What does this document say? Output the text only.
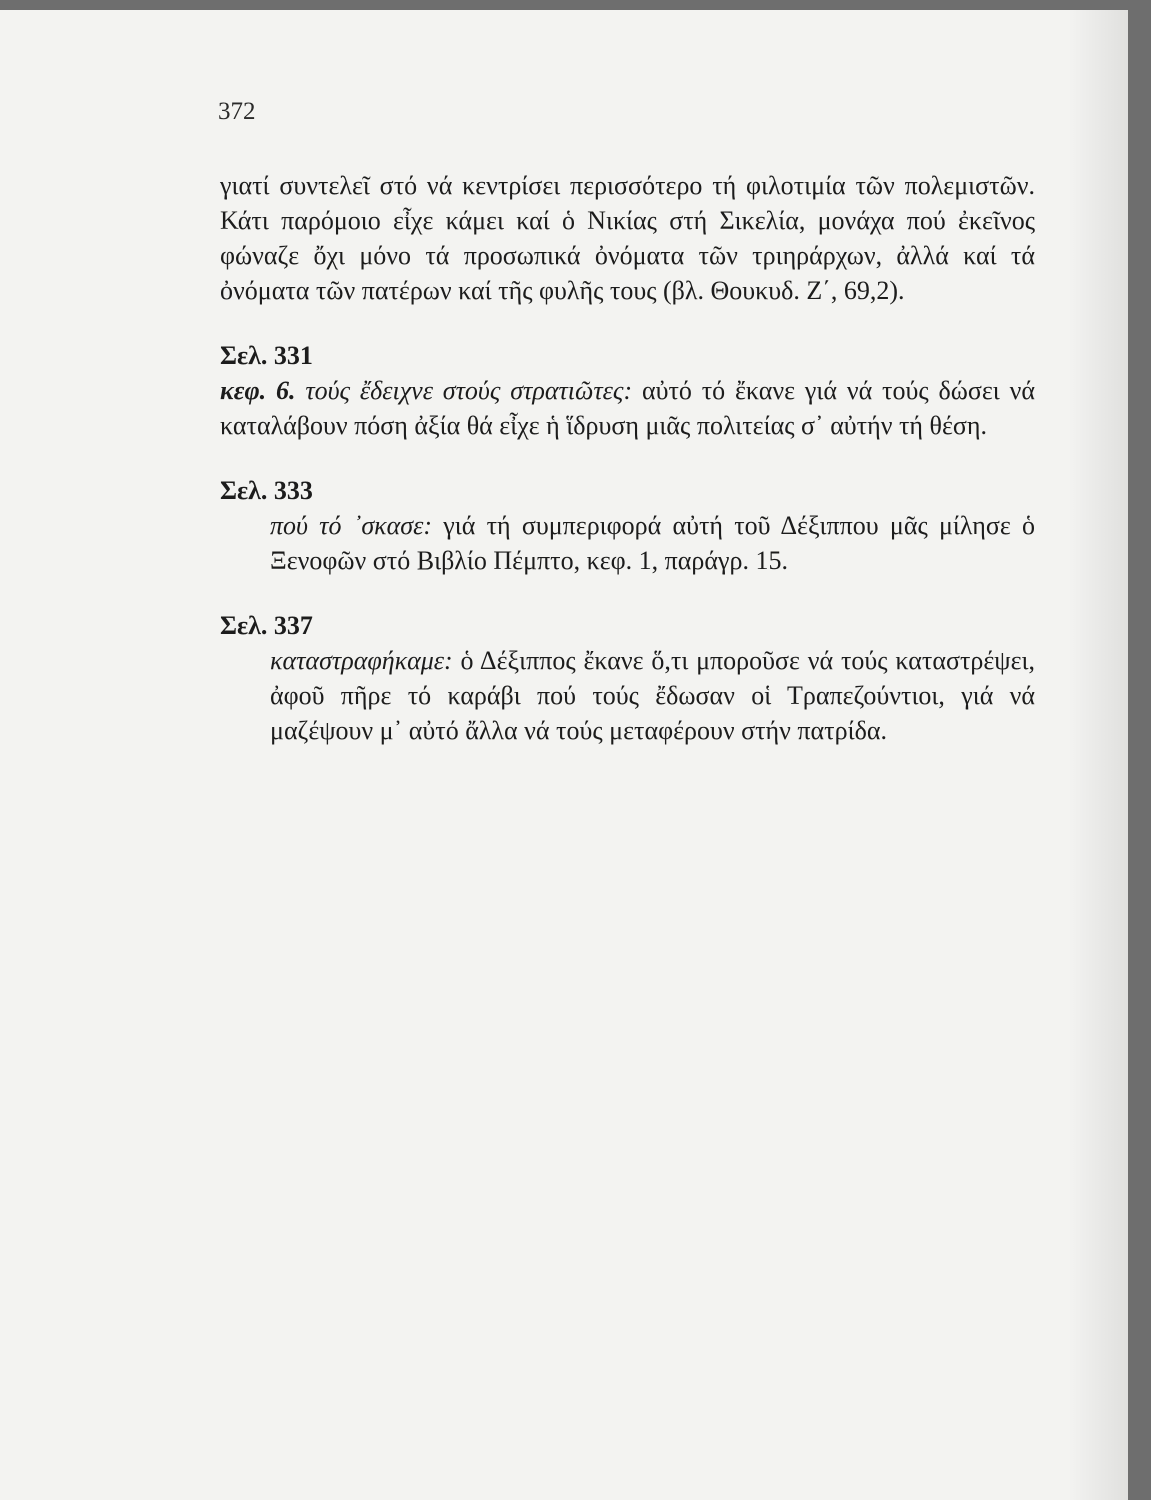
372

γιατί συντελεῖ στό νά κεντρίσει περισσότερο τή φιλοτιμία τῶν πολεμιστῶν. Κάτι παρόμοιο εἶχε κάμει καί ὁ Νικίας στή Σικελία, μονάχα πού ἐκεῖνος φώναζε ὄχι μόνο τά προσωπικά ὀνόματα τῶν τριηράρχων, ἀλλά καί τά ὀνόματα τῶν πατέρων καί τῆς φυλῆς τους (βλ. Θουκυδ. Ζ΄, 69,2).

Σελ. 331

κεφ. 6. τούς ἔδειχνε στούς στρατιῶτες: αὐτό τό ἔκανε γιά νά τούς δώσει νά καταλάβουν πόση ἀξία θά εἶχε ἡ ἵδρυση μιᾶς πολιτείας σ᾽ αὐτήν τή θέση.

Σελ. 333

πού τό ᾽σκασε: γιά τή συμπεριφορά αὐτή τοῦ Δέξιππου μᾶς μίλησε ὁ Ξενοφῶν στό Βιβλίο Πέμπτο, κεφ. 1, παράγρ. 15.

Σελ. 337

καταστραφήκαμε: ὁ Δέξιππος ἔκανε ὅ,τι μποροῦσε νά τούς καταστρέψει, ἀφοῦ πῆρε τό καράβι πού τούς ἔδωσαν οἱ Τραπεζούντιοι, γιά νά μαζέψουν μ᾽ αὐτό ἄλλα νά τούς μεταφέρουν στήν πατρίδα.
